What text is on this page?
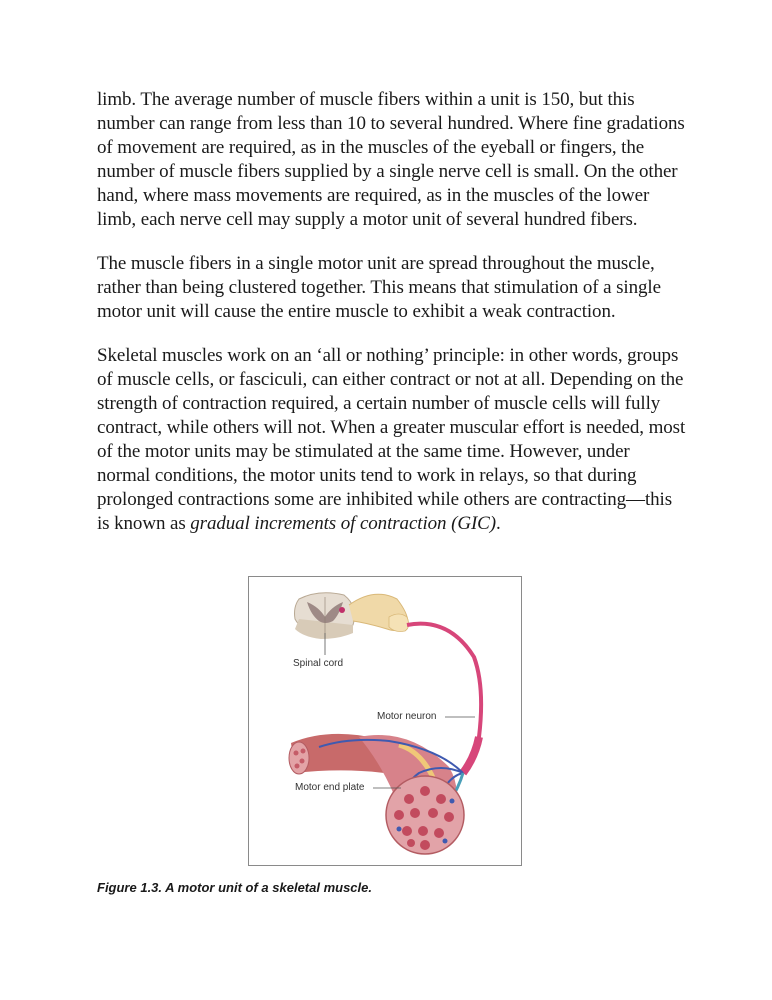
limb. The average number of muscle fibers within a unit is 150, but this number can range from less than 10 to several hundred. Where fine gradations of movement are required, as in the muscles of the eyeball or fingers, the number of muscle fibers supplied by a single nerve cell is small. On the other hand, where mass movements are required, as in the muscles of the lower limb, each nerve cell may supply a motor unit of several hundred fibers.

The muscle fibers in a single motor unit are spread throughout the muscle, rather than being clustered together. This means that stimulation of a single motor unit will cause the entire muscle to exhibit a weak contraction.

Skeletal muscles work on an ‘all or nothing’ principle: in other words, groups of muscle cells, or fasciculi, can either contract or not at all. Depending on the strength of contraction required, a certain number of muscle cells will fully contract, while others will not. When a greater muscular effort is needed, most of the motor units may be stimulated at the same time. However, under normal conditions, the motor units tend to work in relays, so that during prolonged contractions some are inhibited while others are contracting—this is known as gradual increments of contraction (GIC).

Spinal cord
Motor neuron
Motor end plate
Figure 1.3. A motor unit of a skeletal muscle.
